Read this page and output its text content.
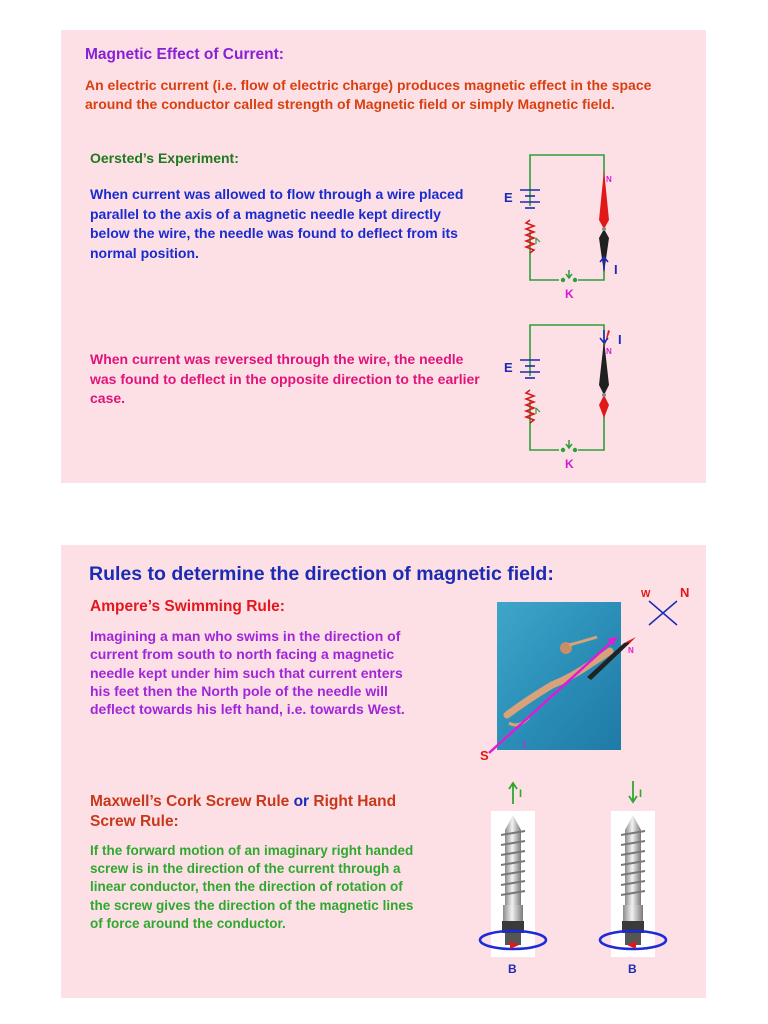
Magnetic Effect of Current:

An electric current (i.e. flow of electric charge) produces magnetic effect in the space around the conductor called strength of Magnetic field or simply Magnetic field.

Oersted’s Experiment:

When current was allowed to flow through a wire placed parallel to the axis of a magnetic needle kept directly below the wire, the needle was found to deflect from its normal position.

When current was reversed through the wire, the needle was found to deflect in the opposite direction to the earlier case.

E
K
N
I
E
K
N
I

Rules to determine the direction of magnetic field:

Ampere’s Swimming Rule:

Imagining a man who swims in the direction of current from south to north facing a magnetic needle kept under him such that current enters his feet then the North pole of the needle will deflect towards his left hand, i.e. towards West.

Maxwell’s Cork Screw Rule or Right Hand Screw Rule:

If the forward motion of an imaginary right handed screw is in the direction of the current through a linear conductor, then the direction of rotation of the screw gives the direction of the magnetic lines of force around the conductor.

N
I
W N
S
I
B
I
B
